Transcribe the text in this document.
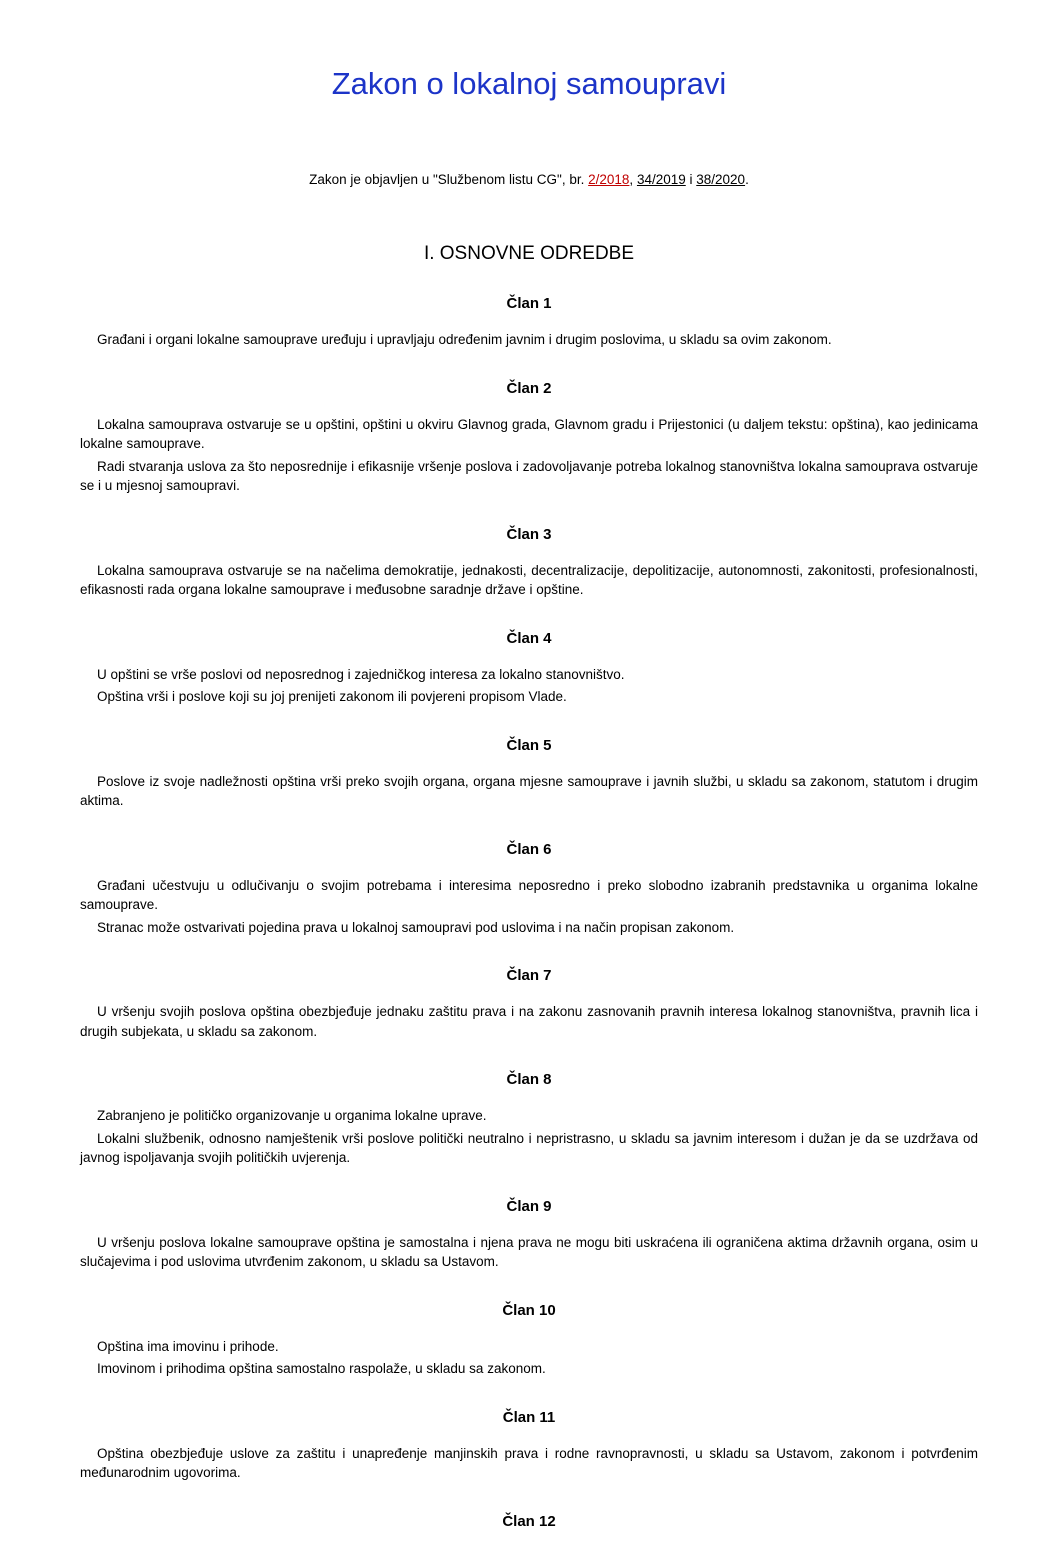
Zakon o lokalnoj samoupravi

Zakon je objavljen u "Službenom listu CG", br. 2/2018, 34/2019 i 38/2020.

I. OSNOVNE ODREDBE
Član 1

Građani i organi lokalne samouprave uređuju i upravljaju određenim javnim i drugim poslovima, u skladu sa ovim zakonom.

Član 2

Lokalna samouprava ostvaruje se u opštini, opštini u okviru Glavnog grada, Glavnom gradu i Prijestonici (u daljem tekstu: opština), kao jedinicama lokalne samouprave.

Radi stvaranja uslova za što neposrednije i efikasnije vršenje poslova i zadovoljavanje potreba lokalnog stanovništva lokalna samouprava ostvaruje se i u mjesnoj samoupravi.

Član 3

Lokalna samouprava ostvaruje se na načelima demokratije, jednakosti, decentralizacije, depolitizacije, autonomnosti, zakonitosti, profesionalnosti, efikasnosti rada organa lokalne samouprave i međusobne saradnje države i opštine.

Član 4

U opštini se vrše poslovi od neposrednog i zajedničkog interesa za lokalno stanovništvo.

Opština vrši i poslove koji su joj prenijeti zakonom ili povjereni propisom Vlade.

Član 5

Poslove iz svoje nadležnosti opština vrši preko svojih organa, organa mjesne samouprave i javnih službi, u skladu sa zakonom, statutom i drugim aktima.

Član 6

Građani učestvuju u odlučivanju o svojim potrebama i interesima neposredno i preko slobodno izabranih predstavnika u organima lokalne samouprave.

Stranac može ostvarivati pojedina prava u lokalnoj samoupravi pod uslovima i na način propisan zakonom.

Član 7

U vršenju svojih poslova opština obezbjeđuje jednaku zaštitu prava i na zakonu zasnovanih pravnih interesa lokalnog stanovništva, pravnih lica i drugih subjekata, u skladu sa zakonom.

Član 8

Zabranjeno je političko organizovanje u organima lokalne uprave.

Lokalni službenik, odnosno namještenik vrši poslove politički neutralno i nepristrasno, u skladu sa javnim interesom i dužan je da se uzdržava od javnog ispoljavanja svojih političkih uvjerenja.

Član 9

U vršenju poslova lokalne samouprave opština je samostalna i njena prava ne mogu biti uskraćena ili ograničena aktima državnih organa, osim u slučajevima i pod uslovima utvrđenim zakonom, u skladu sa Ustavom.

Član 10

Opština ima imovinu i prihode.

Imovinom i prihodima opština samostalno raspolaže, u skladu sa zakonom.

Član 11

Opština obezbjeđuje uslove za zaštitu i unapređenje manjinskih prava i rodne ravnopravnosti, u skladu sa Ustavom, zakonom i potvrđenim međunarodnim ugovorima.

Član 12
